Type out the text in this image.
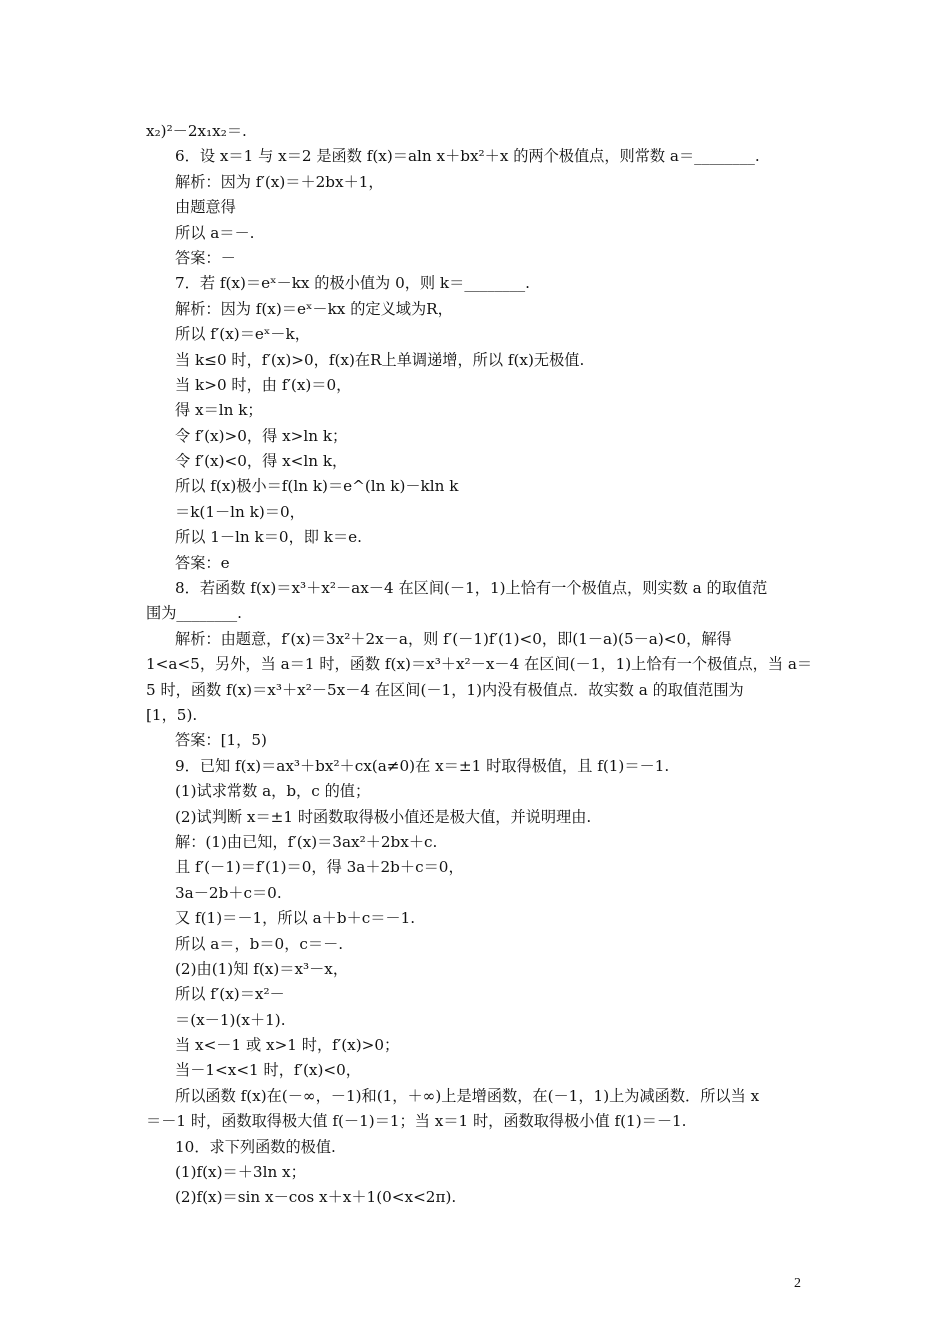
x₂)²－2x₁x₂＝.
6．设 x＝1 与 x＝2 是函数 f(x)＝aln x＋bx²＋x 的两个极值点，则常数 a＝________.
解析：因为 f′(x)＝＋2bx＋1，
由题意得
所以 a＝－.
答案：－
7．若 f(x)＝eˣ－kx 的极小值为 0，则 k＝________.
解析：因为 f(x)＝eˣ－kx 的定义域为R，
所以 f′(x)＝eˣ－k，
当 k≤0 时，f′(x)>0，f(x)在R上单调递增，所以 f(x)无极值.
当 k>0 时，由 f′(x)＝0，
得 x＝ln k；
令 f′(x)>0，得 x>ln k；
令 f′(x)<0，得 x<ln k，
所以 f(x)极小＝f(ln k)＝e^(ln k)－kln k
＝k(1－ln k)＝0，
所以 1－ln k＝0，即 k＝e.
答案：e
8．若函数 f(x)＝x³＋x²－ax－4 在区间(－1，1)上恰有一个极值点，则实数 a 的取值范
围为________.
解析：由题意，f′(x)＝3x²＋2x－a，则 f′(－1)f′(1)<0，即(1－a)(5－a)<0，解得
1<a<5，另外，当 a＝1 时，函数 f(x)＝x³＋x²－x－4 在区间(－1，1)上恰有一个极值点，当 a＝
5 时，函数 f(x)＝x³＋x²－5x－4 在区间(－1，1)内没有极值点．故实数 a 的取值范围为
[1，5).
答案：[1，5)
9．已知 f(x)＝ax³＋bx²＋cx(a≠0)在 x＝±1 时取得极值，且 f(1)＝－1.
(1)试求常数 a，b，c 的值；
(2)试判断 x＝±1 时函数取得极小值还是极大值，并说明理由.
解：(1)由已知，f′(x)＝3ax²＋2bx＋c.
且 f′(－1)＝f′(1)＝0，得 3a＋2b＋c＝0，
3a－2b＋c＝0.
又 f(1)＝－1，所以 a＋b＋c＝－1.
所以 a＝，b＝0，c＝－.
(2)由(1)知 f(x)＝x³－x，
所以 f′(x)＝x²－
＝(x－1)(x＋1).
当 x<－1 或 x>1 时，f′(x)>0；
当－1<x<1 时，f′(x)<0，
所以函数 f(x)在(－∞，－1)和(1，＋∞)上是增函数，在(－1，1)上为减函数．所以当 x
＝－1 时，函数取得极大值 f(－1)＝1；当 x＝1 时，函数取得极小值 f(1)＝－1.
10．求下列函数的极值.
(1)f(x)＝＋3ln x；
(2)f(x)＝sin x－cos x＋x＋1(0<x<2π).
2
